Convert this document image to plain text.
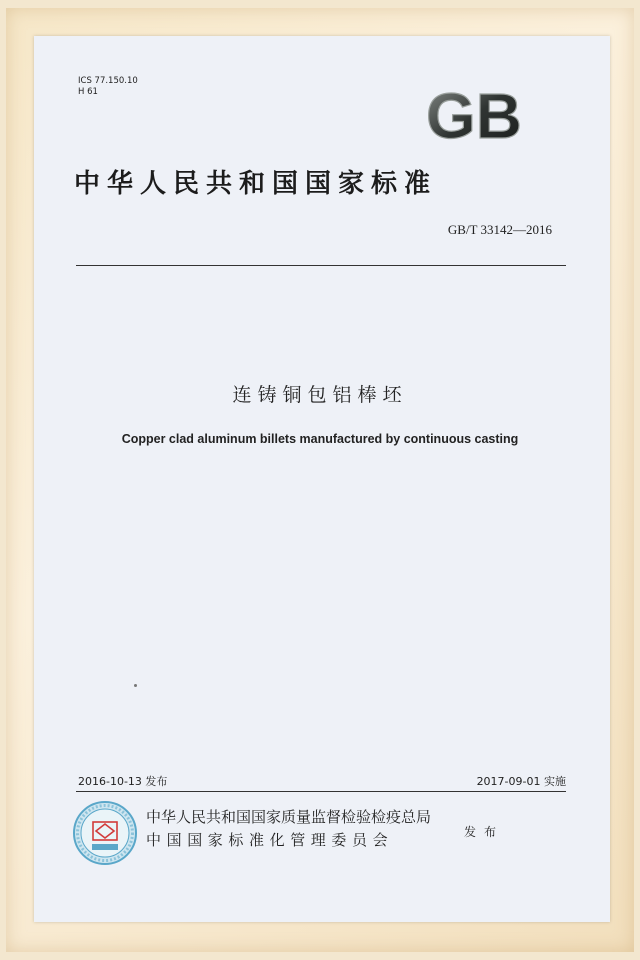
ICS 77.150.10
H 61	GB
中华人民共和国国家标准
GB/T 33142—2016
连铸铜包铝棒坯
Copper clad aluminum billets manufactured by continuous casting
2016-10-13 发布	2017-09-01 实施
中华人民共和国国家质量监督检验检疫总局
中国国家标准化管理委员会	发布
